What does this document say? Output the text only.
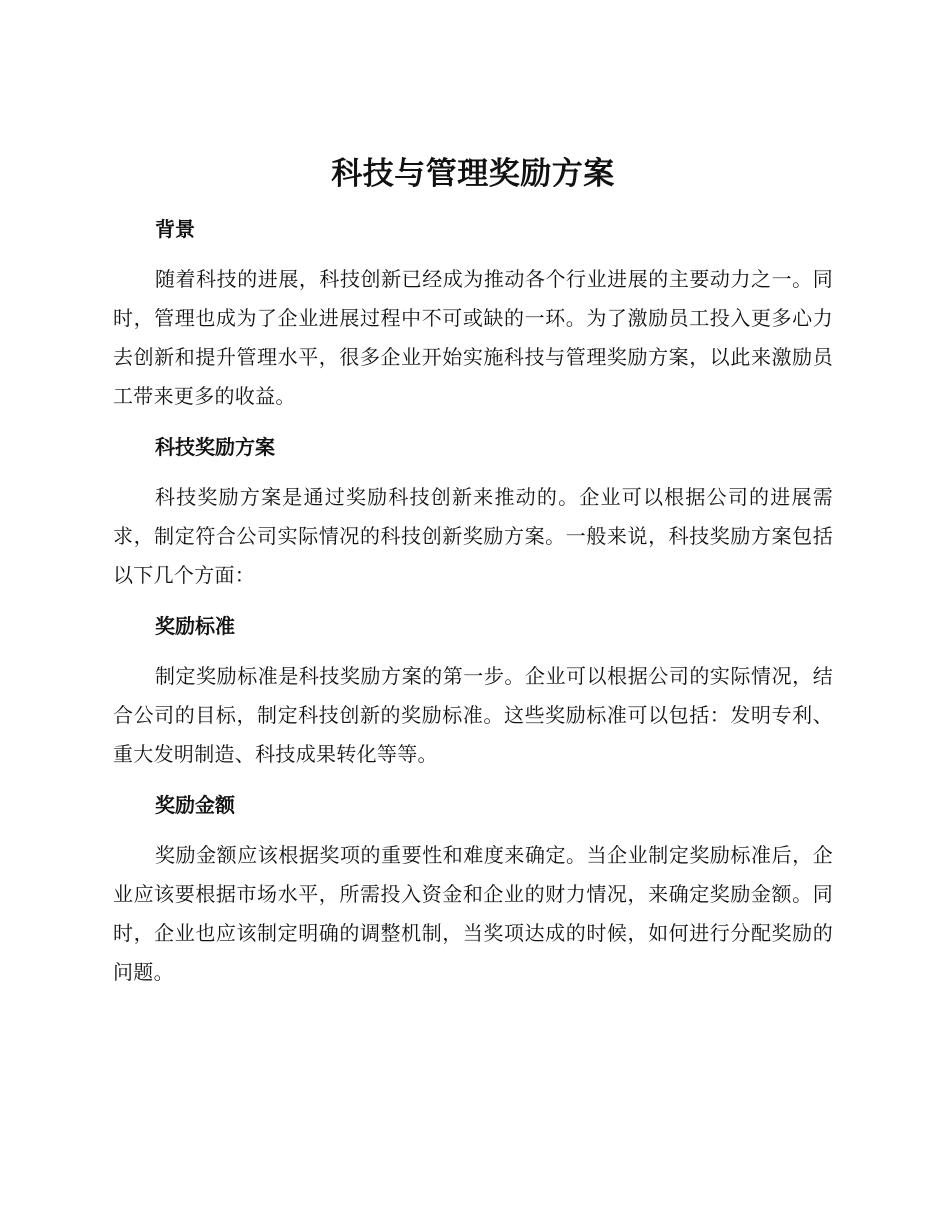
科技与管理奖励方案
背景

随着科技的进展，科技创新已经成为推动各个行业进展的主要动力之一。同时，管理也成为了企业进展过程中不可或缺的一环。为了激励员工投入更多心力去创新和提升管理水平，很多企业开始实施科技与管理奖励方案，以此来激励员工带来更多的收益。

科技奖励方案

科技奖励方案是通过奖励科技创新来推动的。企业可以根据公司的进展需求，制定符合公司实际情况的科技创新奖励方案。一般来说，科技奖励方案包括以下几个方面：

奖励标准

制定奖励标准是科技奖励方案的第一步。企业可以根据公司的实际情况，结合公司的目标，制定科技创新的奖励标准。这些奖励标准可以包括：发明专利、重大发明制造、科技成果转化等等。

奖励金额

奖励金额应该根据奖项的重要性和难度来确定。当企业制定奖励标准后，企业应该要根据市场水平，所需投入资金和企业的财力情况，来确定奖励金额。同时，企业也应该制定明确的调整机制，当奖项达成的时候，如何进行分配奖励的问题。
